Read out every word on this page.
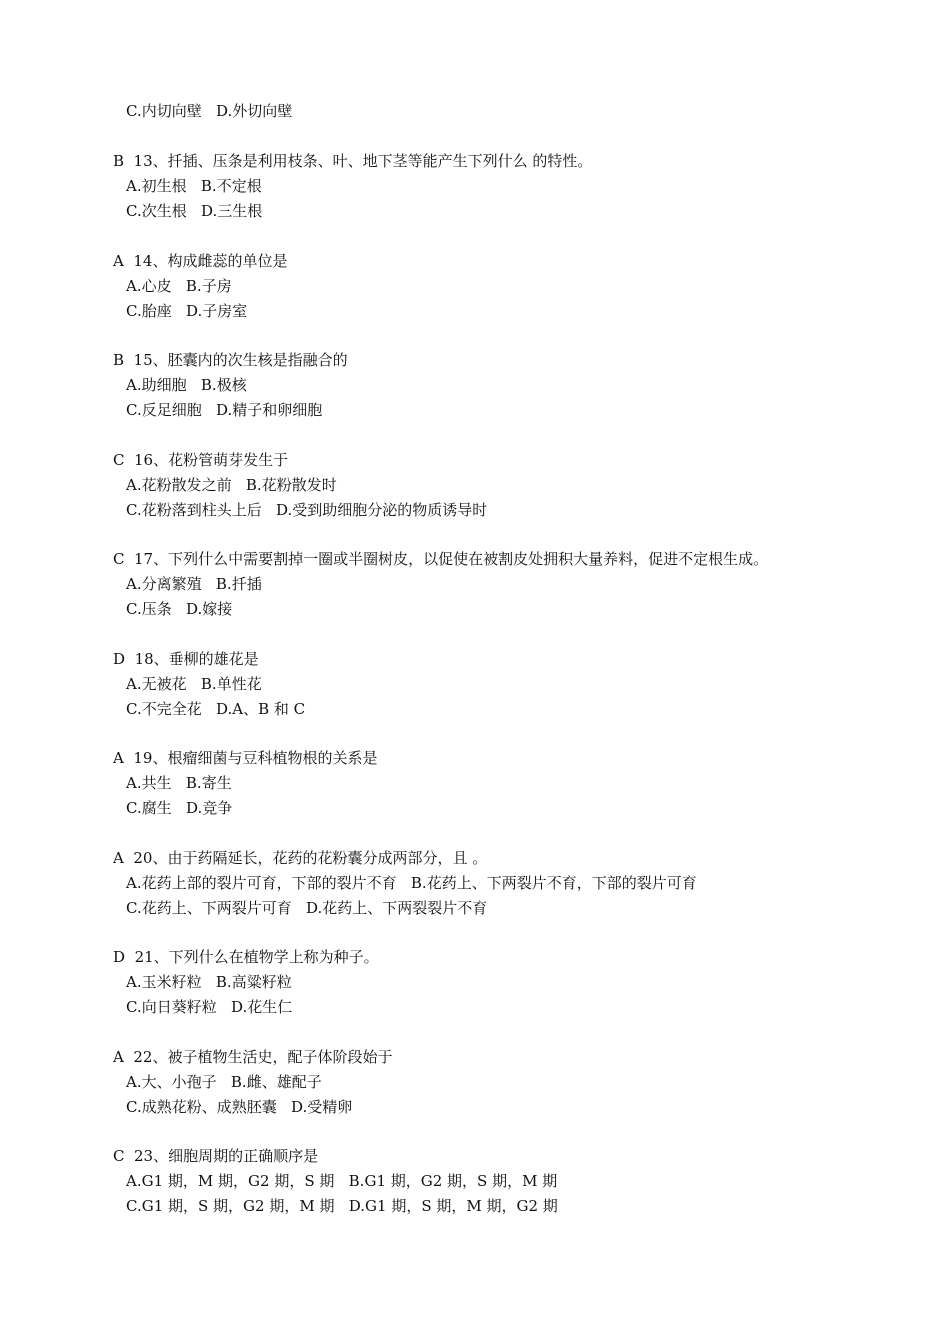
C.内切向壁   D.外切向壁
B  13、扦插、压条是利用枝条、叶、地下茎等能产生下列什么 的特性。
A.初生根   B.不定根
C.次生根   D.三生根
A  14、构成雌蕊的单位是
A.心皮   B.子房
C.胎座   D.子房室
B  15、胚囊内的次生核是指融合的
A.助细胞   B.极核
C.反足细胞   D.精子和卵细胞
C  16、花粉管萌芽发生于
A.花粉散发之前   B.花粉散发时
C.花粉落到柱头上后   D.受到助细胞分泌的物质诱导时
C  17、下列什么中需要割掉一圈或半圈树皮，以促使在被割皮处拥积大量养料，促进不定根生成。
A.分离繁殖   B.扦插
C.压条   D.嫁接
D  18、垂柳的雄花是
A.无被花   B.单性花
C.不完全花   D.A、B 和 C
A  19、根瘤细菌与豆科植物根的关系是
A.共生   B.寄生
C.腐生   D.竞争
A  20、由于药隔延长，花药的花粉囊分成两部分，且 。
A.花药上部的裂片可育，下部的裂片不育   B.花药上、下两裂片不育，下部的裂片可育
C.花药上、下两裂片可育   D.花药上、下两裂裂片不育
D  21、下列什么在植物学上称为种子。
A.玉米籽粒   B.高粱籽粒
C.向日葵籽粒   D.花生仁
A  22、被子植物生活史，配子体阶段始于
A.大、小孢子   B.雌、雄配子
C.成熟花粉、成熟胚囊   D.受精卵
C  23、细胞周期的正确顺序是
A.G1 期，M 期，G2 期，S 期   B.G1 期，G2 期，S 期，M 期
C.G1 期，S 期，G2 期，M 期   D.G1 期，S 期，M 期，G2 期
